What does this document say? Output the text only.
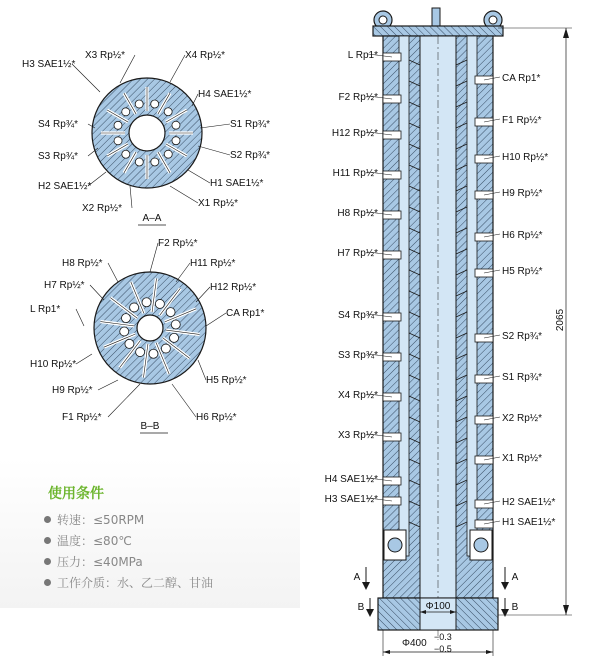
X3 Rp½*	X4 Rp½*
H3 SAE1½*
H4 SAE1½*
S4 Rp¾*	S1 Rp¾*
S3 Rp¾*	S2 Rp¾*
H2 SAE1½*	H1 SAE1½*
X2 Rp½*	X1 Rp½*
A–A
F2 Rp½*
H8 Rp½*	H11 Rp½*
H7 Rp½*	H12 Rp½*
L Rp1*	CA Rp1*
H10 Rp½*
H5 Rp½*
H9 Rp½*
F1 Rp½*	H6 Rp½*
B–B
L Rp1*
F2 Rp½*
H12 Rp½*
H11 Rp½*
H8 Rp½*
H7 Rp½*
S4 Rp¾*
S3 Rp¾*
X4 Rp½*
X3 Rp½*
H4 SAE1½*
H3 SAE1½*
CA Rp1*
F1 Rp½*
H10 Rp½*
H9 Rp½*
H6 Rp½*
H5 Rp½*
S2 Rp¾*
S1 Rp¾*
X2 Rp½*
X1 Rp½*
H2 SAE1½*
H1 SAE1½*
2065
Φ100
Φ400
−0.3
−0.5
A	A
B	B
使用条件
转速：≤50RPM
温度：≤80℃
压力：≤40MPa
工作介质：水、乙二醇、甘油
